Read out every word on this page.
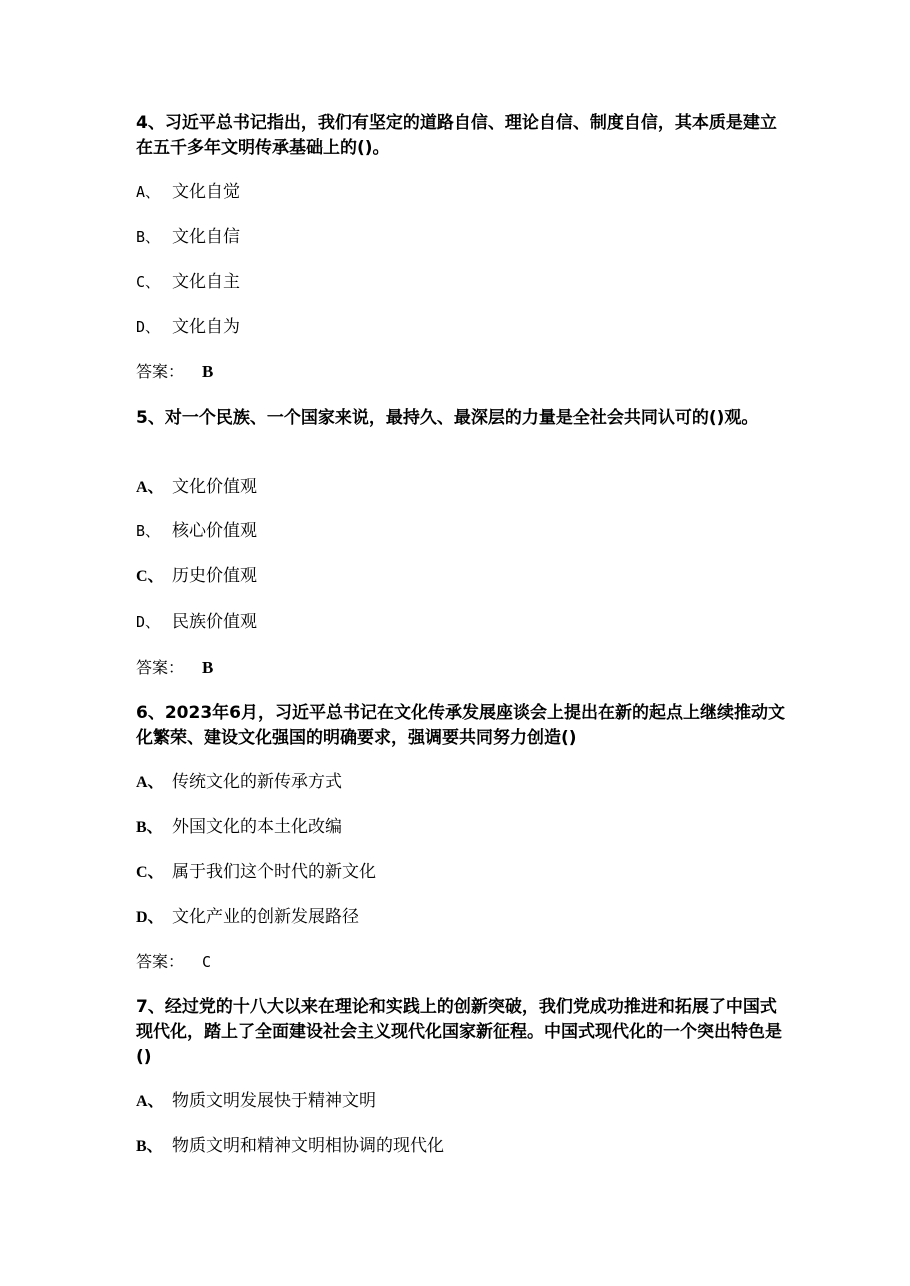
4、习近平总书记指出，我们有坚定的道路自信、理论自信、制度自信，其本质是建立在五千多年文明传承基础上的()。

A、 文化自觉
B、 文化自信
C、 文化自主
D、 文化自为
答案： B

5、对一个民族、一个国家来说，最持久、最深层的力量是全社会共同认可的()观。

A、 文化价值观
B、 核心价值观
C、 历史价值观
D、 民族价值观
答案： B

6、2023年6月，习近平总书记在文化传承发展座谈会上提出在新的起点上继续推动文化繁荣、建设文化强国的明确要求，强调要共同努力创造()

A、 传统文化的新传承方式
B、 外国文化的本土化改编
C、 属于我们这个时代的新文化
D、 文化产业的创新发展路径
答案： C

7、经过党的十八大以来在理论和实践上的创新突破，我们党成功推进和拓展了中国式现代化，踏上了全面建设社会主义现代化国家新征程。中国式现代化的一个突出特色是()

A、 物质文明发展快于精神文明
B、 物质文明和精神文明相协调的现代化
